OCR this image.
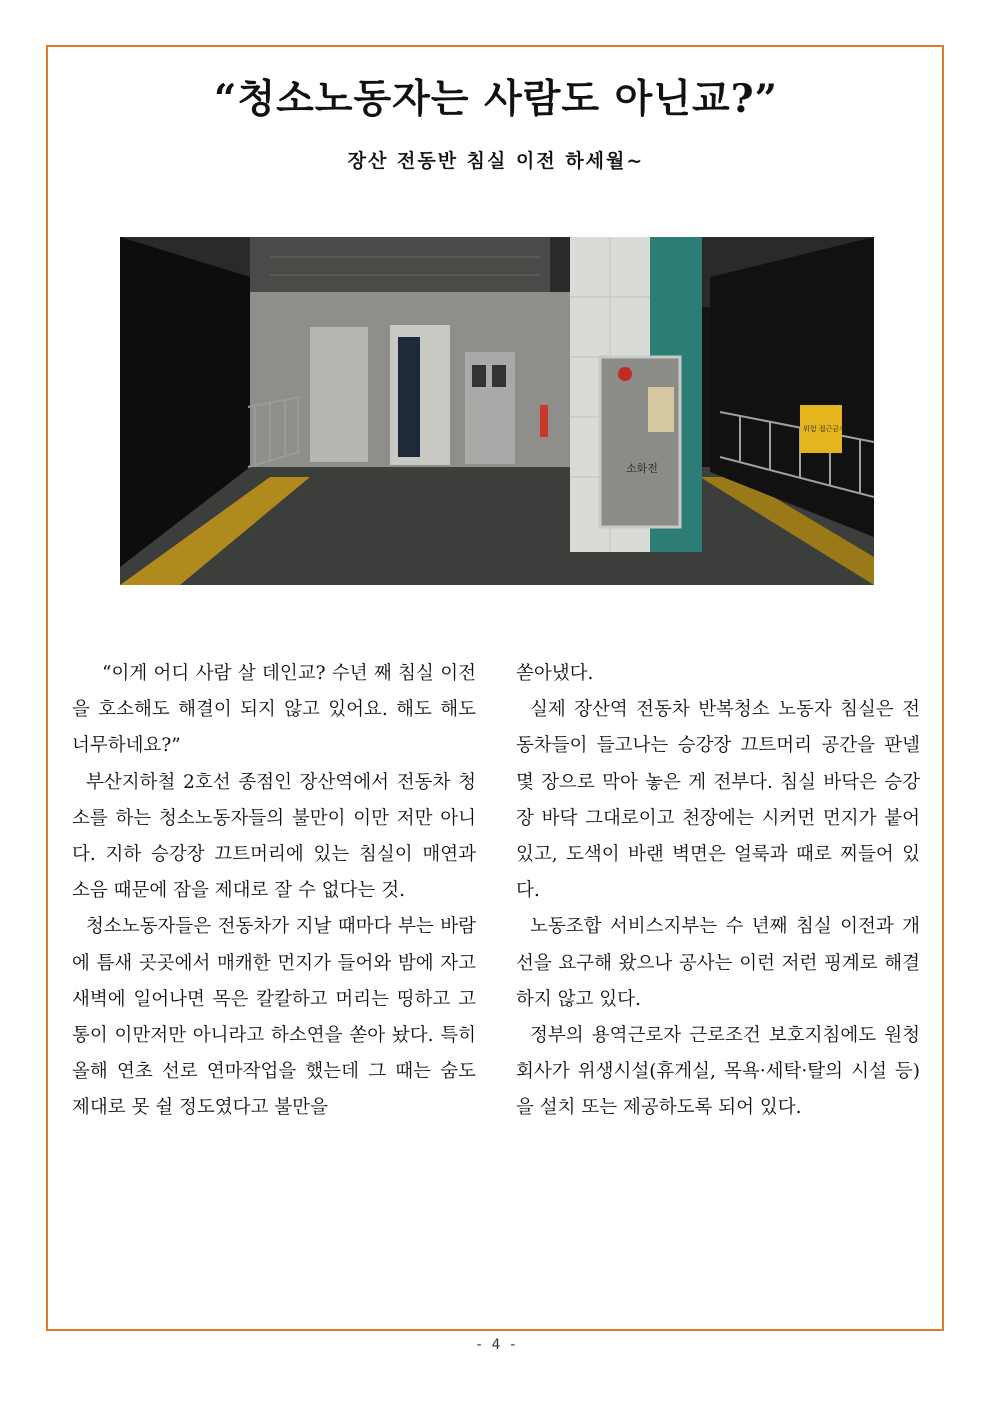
“청소노동자는 사람도 아닌교?”
장산 전동반 침실 이전 하세월~
소화전
위험 접근금지

“이게 어디 사람 살 데인교? 수년 째 침실 이전을 호소해도 해결이 되지 않고 있어요. 해도 해도 너무하네요?”

부산지하철 2호선 종점인 장산역에서 전동차 청소를 하는 청소노동자들의 불만이 이만 저만 아니다. 지하 승강장 끄트머리에 있는 침실이 매연과 소음 때문에 잠을 제대로 잘 수 없다는 것.

청소노동자들은 전동차가 지날 때마다 부는 바람에 틈새 곳곳에서 매캐한 먼지가 들어와 밤에 자고 새벽에 일어나면 목은 칼칼하고 머리는 띵하고 고통이 이만저만 아니라고 하소연을 쏟아 놨다. 특히 올해 연초 선로 연마작업을 했는데 그 때는 숨도 제대로 못 쉴 정도였다고 불만을

쏟아냈다.

실제 장산역 전동차 반복청소 노동자 침실은 전동차들이 들고나는 승강장 끄트머리 공간을 판넬 몇 장으로 막아 놓은 게 전부다. 침실 바닥은 승강장 바닥 그대로이고 천장에는 시커먼 먼지가 붙어 있고, 도색이 바랜 벽면은 얼룩과 때로 찌들어 있다.

노동조합 서비스지부는 수 년째 침실 이전과 개선을 요구해 왔으나 공사는 이런 저런 핑계로 해결하지 않고 있다.

정부의 용역근로자 근로조건 보호지침에도 원청회사가 위생시설(휴게실, 목욕·세탁·탈의 시설 등)을 설치 또는 제공하도록 되어 있다.

- 4 -
